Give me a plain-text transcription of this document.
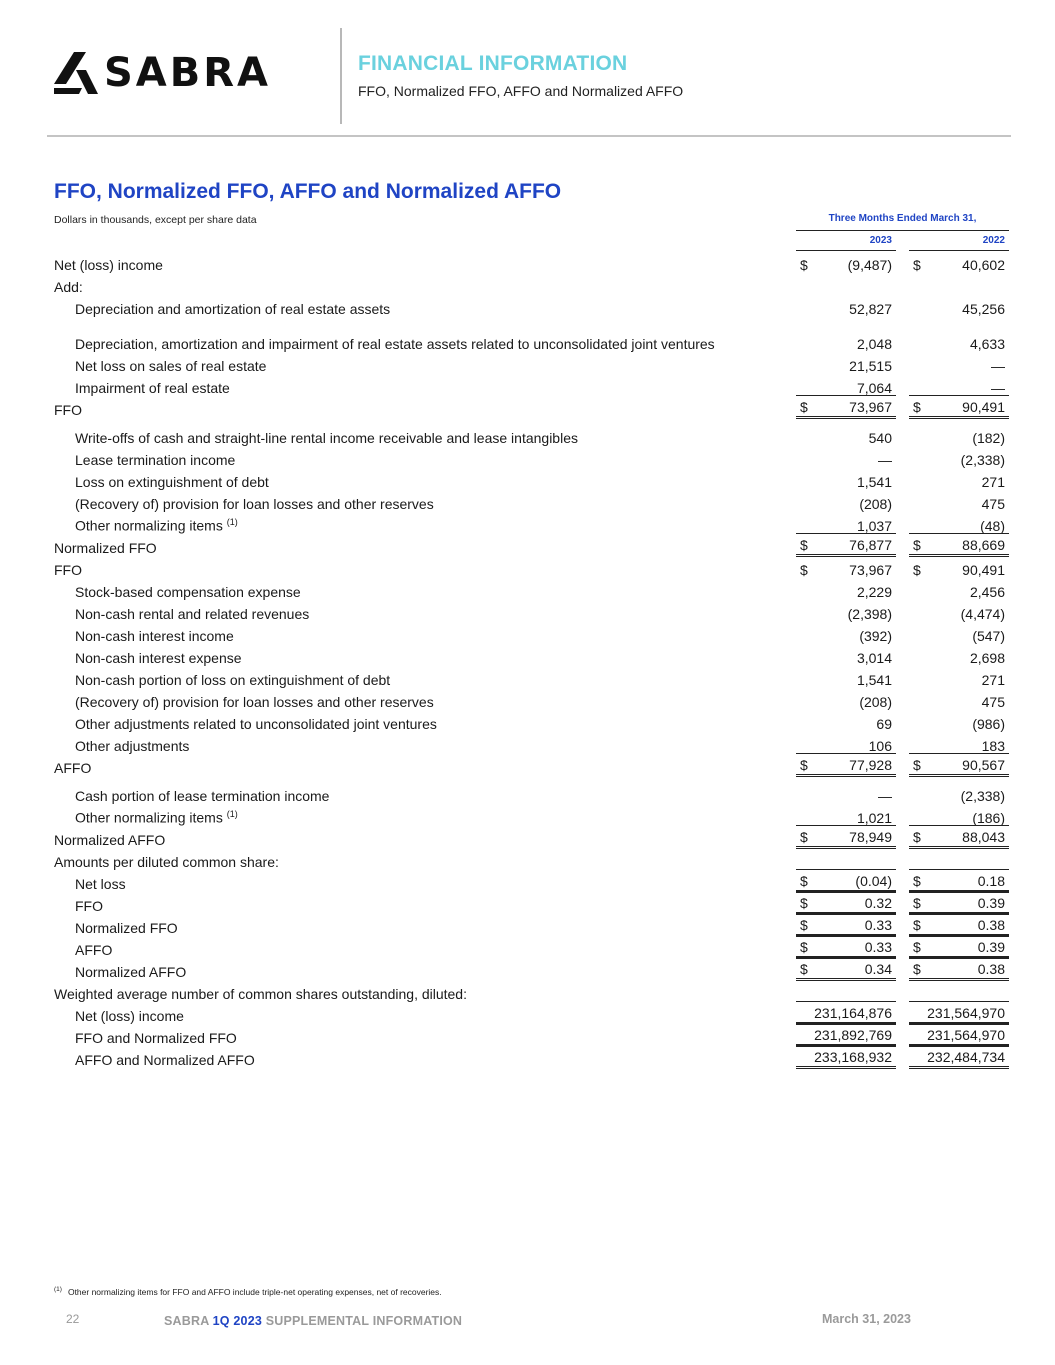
SABRA	FINANCIAL INFORMATION
FFO, Normalized FFO, AFFO and Normalized AFFO
FFO, Normalized FFO, AFFO and Normalized AFFO
Dollars in thousands, except per share data	Three Months Ended March 31,
2023	2022
Net (loss) income	$	(9,487) $	40,602
Add:
Depreciation and amortization of real estate assets	52,827	45,256
Depreciation, amortization and impairment of real estate assets related to unconsolidated joint ventures	2,048	4,633
Net loss on sales of real estate	21,515	—
Impairment of real estate	7,064	—
FFO	$	73,967 $	90,491
Write-offs of cash and straight-line rental income receivable and lease intangibles	540	(182)
Lease termination income	—	(2,338)
Loss on extinguishment of debt	1,541	271
(Recovery of) provision for loan losses and other reserves	(208)	475
Other normalizing items $^{(1)}$	1,037	(48)
Normalized FFO	$	76,877 $	88,669
FFO	$	73,967 $	90,491
Stock-based compensation expense	2,229	2,456
Non-cash rental and related revenues	(2,398)	(4,474)
Non-cash interest income	(392)	(547)
Non-cash interest expense	3,014	2,698
Non-cash portion of loss on extinguishment of debt	1,541	271
(Recovery of) provision for loan losses and other reserves	(208)	475
Other adjustments related to unconsolidated joint ventures	69	(986)
Other adjustments	106	183
AFFO	$	77,928 $	90,567
Cash portion of lease termination income	—	(2,338)
Other normalizing items $^{(1)}$	1,021	(186)
Normalized AFFO	$	78,949 $	88,043
Amounts per diluted common share:
Net loss	$	(0.04) $	0.18
FFO	$	0.32 $	0.39
Normalized FFO	$	0.33 $	0.38
AFFO	$	0.33 $	0.39
Normalized AFFO	$	0.34 $	0.38
Weighted average number of common shares outstanding, diluted:
Net (loss) income	231,164,876	231,564,970
FFO and Normalized FFO	231,892,769	231,564,970
AFFO and Normalized AFFO	233,168,932	232,484,734
$^{(1)}$ Other normalizing items for FFO and AFFO include triple-net operating expenses, net of recoveries.
22	SABRA 1Q 2023 SUPPLEMENTAL INFORMATION	March 31, 2023
